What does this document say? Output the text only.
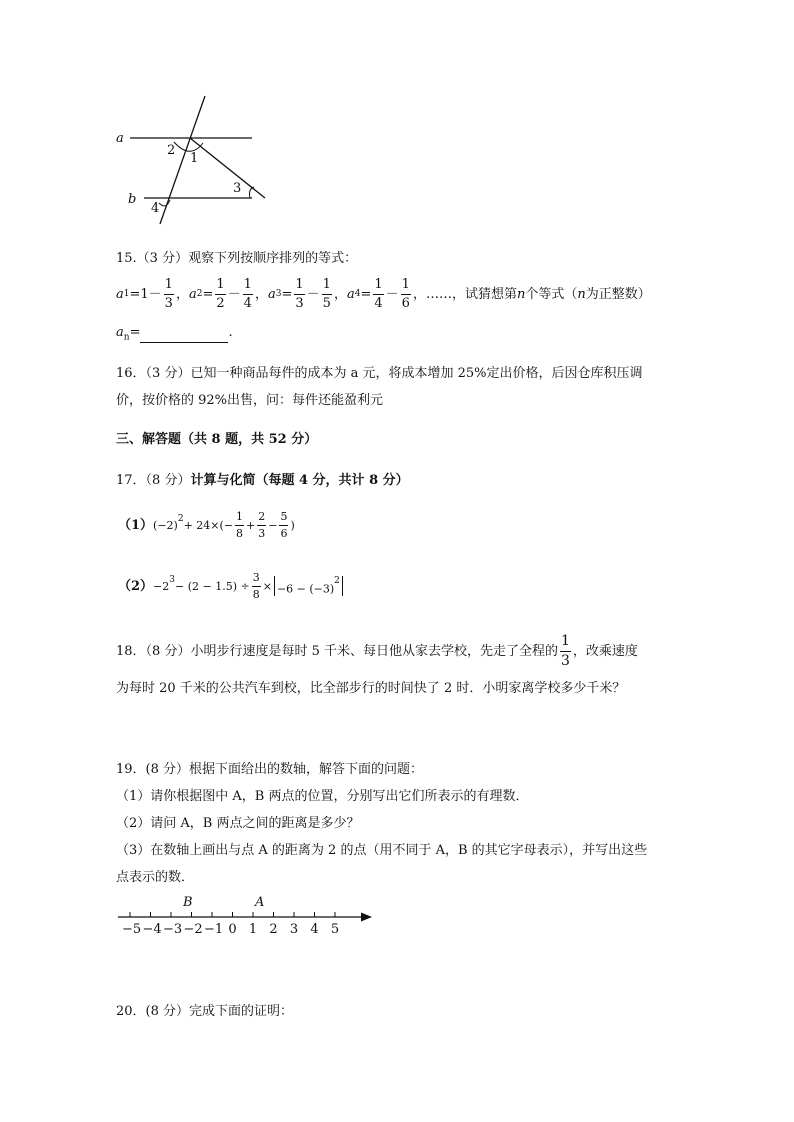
a
b
2
1
3
4
15.（3 分）观察下列按顺序排列的等式：
a $1 =1- \frac{1}{3}$ ， a $2 = \frac{1}{2} - \frac{1}{4}$ ， a $3 = \frac{1}{3} - \frac{1}{5}$ ， a $4 = \frac{1}{4} - \frac{1}{6}$ ，……，试猜想第 n 个等式（ n 为正整数）
$a_n=$	.
16．（3 分）已知一种商品每件的成本为 a 元，将成本增加 25%定出价格，后因仓库积压调
价，按价格的 92%出售，问：每件还能盈利元
三、解答题（共 8 题，共 52 分）
17．（8 分）计算与化简（每题 4 分，共计 8 分）
（1） $(-2)^2 + 24\times(- \frac{1}{8} + \frac{2}{3} - \frac{5}{6}$ )
$(2) -2^3 - (2 - 1.5) \div \frac{3}{8} \times -6 - (-3)^2$
18．（8 分）小明步行速度是每时 5 千米、每日他从家去学校，先走了全程的 $\frac{1}{3}$ ，改乘速度
为每时 20 千米的公共汽车到校，比全部步行的时间快了 2 时．小明家离学校多少千米？
19．(8 分）根据下面给出的数轴，解答下面的问题：
（1）请你根据图中 A，B 两点的位置，分别写出它们所表示的有理数．
（2）请问 A，B 两点之间的距离是多少？
（3）在数轴上画出与点 A 的距离为 2 的点（用不同于 A，B 的其它字母表示），并写出这些
点表示的数．
B	A
−5 −4 −3 −2 −1 0 1 2 3 4 5
20．(8 分）完成下面的证明：
